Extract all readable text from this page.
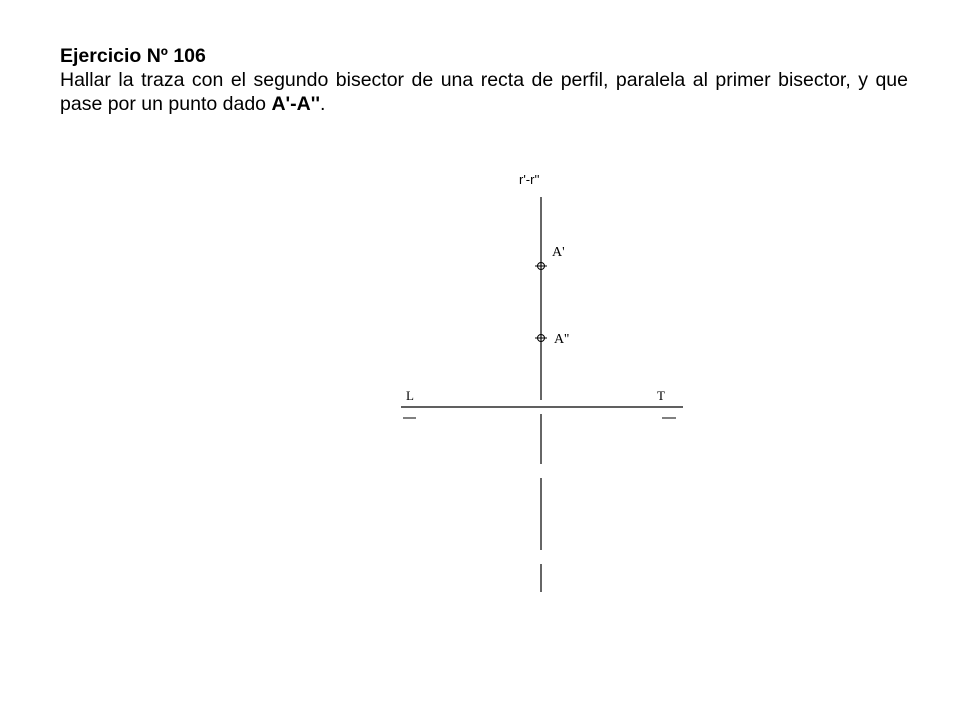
Ejercicio Nº 106

Hallar la traza con el segundo bisector de una recta de perfil, paralela al primer bisector, y que pase por un punto dado A'-A''.

r'-r''
A'
A''
L	T
